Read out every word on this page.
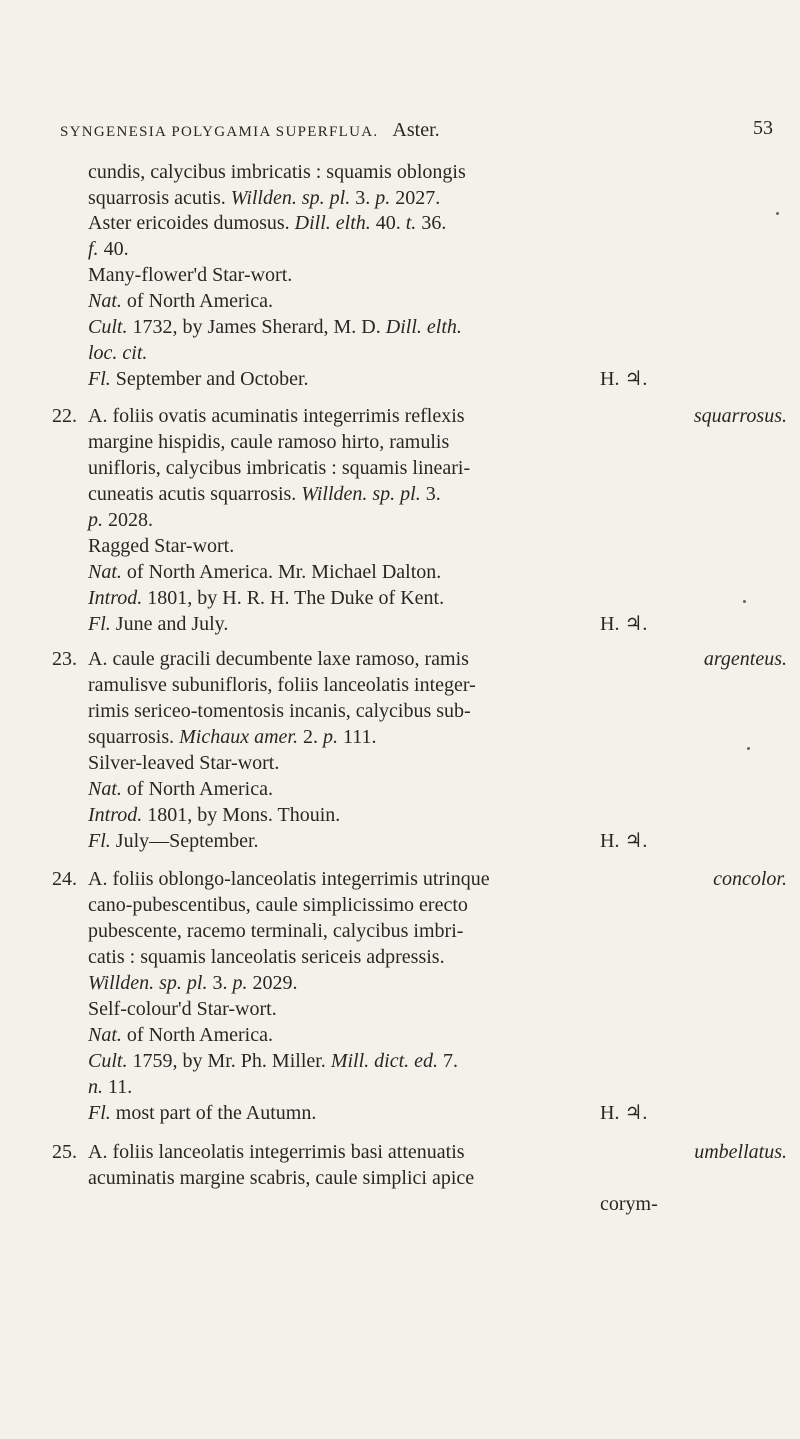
SYNGENESIA POLYGAMIA SUPERFLUA. Aster.	53
cundis, calycibus imbricatis : squamis oblongis
squarrosis acutis. Willden. sp. pl. 3. p. 2027.
Aster ericoides dumosus. Dill. elth. 40. t. 36.
f. 40.
Many-flower'd Star-wort.
Nat. of North America.
Cult. 1732, by James Sherard, M. D. Dill. elth.
loc. cit.
Fl. September and October.	H. ♃.
22. A. foliis ovatis acuminatis integerrimis reflexis	squarrosus.
margine hispidis, caule ramoso hirto, ramulis
unifloris, calycibus imbricatis : squamis lineari-
cuneatis acutis squarrosis. Willden. sp. pl. 3.
p. 2028.
Ragged Star-wort.
Nat. of North America. Mr. Michael Dalton.
Introd. 1801, by H. R. H. The Duke of Kent.
Fl. June and July.	H. ♃.
23. A. caule gracili decumbente laxe ramoso, ramis	argenteus.
ramulisve subunifloris, foliis lanceolatis integer-
rimis sericeo-tomentosis incanis, calycibus sub-
squarrosis. Michaux amer. 2. p. 111.
Silver-leaved Star-wort.
Nat. of North America.
Introd. 1801, by Mons. Thouin.
Fl. July—September.	H. ♃.
24. A. foliis oblongo-lanceolatis integerrimis utrinque	concolor.
cano-pubescentibus, caule simplicissimo erecto
pubescente, racemo terminali, calycibus imbri-
catis : squamis lanceolatis sericeis adpressis.
Willden. sp. pl. 3. p. 2029.
Self-colour'd Star-wort.
Nat. of North America.
Cult. 1759, by Mr. Ph. Miller. Mill. dict. ed. 7.
n. 11.
Fl. most part of the Autumn.	H. ♃.
25. A. foliis lanceolatis integerrimis basi attenuatis	umbellatus.
acuminatis margine scabris, caule simplici apice
corym-
